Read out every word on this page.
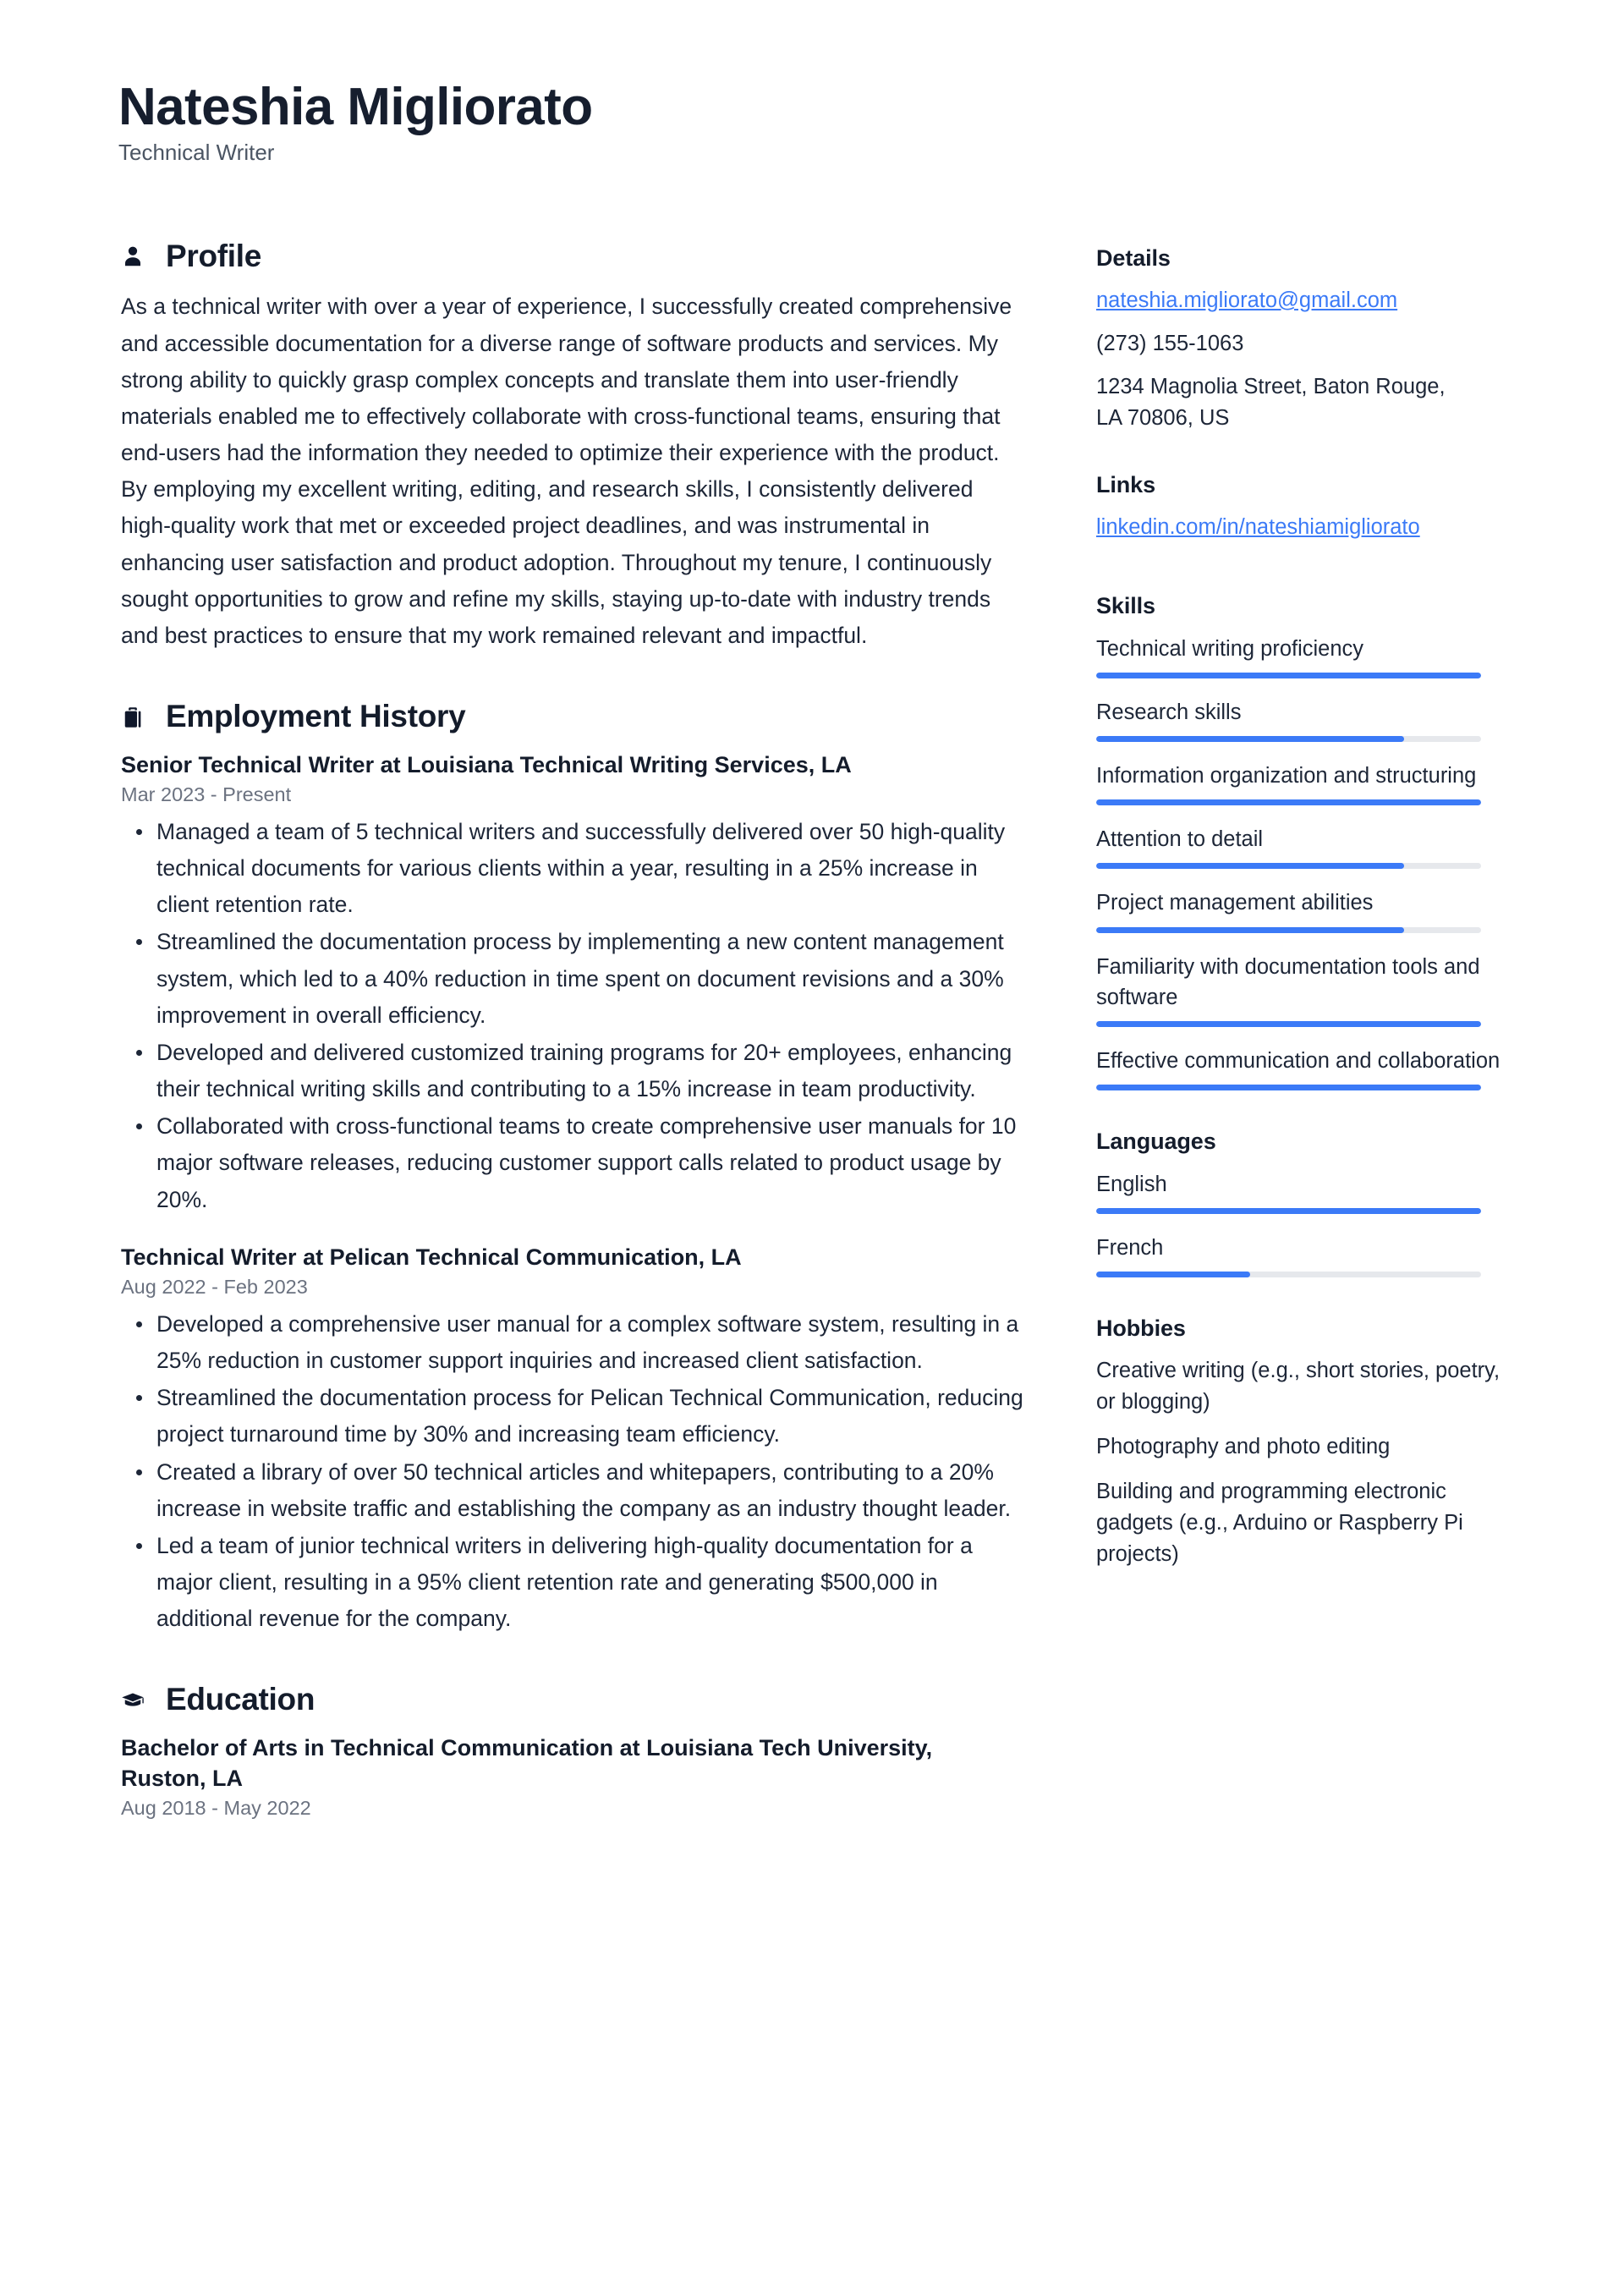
Nateshia Migliorato

Technical Writer

Profile

As a technical writer with over a year of experience, I successfully created comprehensive and accessible documentation for a diverse range of software products and services. My strong ability to quickly grasp complex concepts and translate them into user-friendly materials enabled me to effectively collaborate with cross-functional teams, ensuring that end-users had the information they needed to optimize their experience with the product. By employing my excellent writing, editing, and research skills, I consistently delivered high-quality work that met or exceeded project deadlines, and was instrumental in enhancing user satisfaction and product adoption. Throughout my tenure, I continuously sought opportunities to grow and refine my skills, staying up-to-date with industry trends and best practices to ensure that my work remained relevant and impactful.

Employment History
Senior Technical Writer at Louisiana Technical Writing Services, LA
Mar 2023 - Present
Managed a team of 5 technical writers and successfully delivered over 50 high-quality technical documents for various clients within a year, resulting in a 25% increase in client retention rate.
Streamlined the documentation process by implementing a new content management system, which led to a 40% reduction in time spent on document revisions and a 30% improvement in overall efficiency.
Developed and delivered customized training programs for 20+ employees, enhancing their technical writing skills and contributing to a 15% increase in team productivity.
Collaborated with cross-functional teams to create comprehensive user manuals for 10 major software releases, reducing customer support calls related to product usage by 20%.
Technical Writer at Pelican Technical Communication, LA
Aug 2022 - Feb 2023
Developed a comprehensive user manual for a complex software system, resulting in a 25% reduction in customer support inquiries and increased client satisfaction.
Streamlined the documentation process for Pelican Technical Communication, reducing project turnaround time by 30% and increasing team efficiency.
Created a library of over 50 technical articles and whitepapers, contributing to a 20% increase in website traffic and establishing the company as an industry thought leader.
Led a team of junior technical writers in delivering high-quality documentation for a major client, resulting in a 95% client retention rate and generating $500,000 in additional revenue for the company.
Education
Bachelor of Arts in Technical Communication at Louisiana Tech University, Ruston, LA
Aug 2018 - May 2022
Details
nateshia.migliorato@gmail.com
(273) 155-1063
1234 Magnolia Street, Baton Rouge,
LA 70806, US
Links
linkedin.com/in/nateshiamigliorato
Skills
Technical writing proficiency
Research skills
Information organization and structuring
Attention to detail
Project management abilities
Familiarity with documentation tools and software
Effective communication and collaboration
Languages
English
French
Hobbies
Creative writing (e.g., short stories, poetry, or blogging)
Photography and photo editing
Building and programming electronic gadgets (e.g., Arduino or Raspberry Pi projects)
